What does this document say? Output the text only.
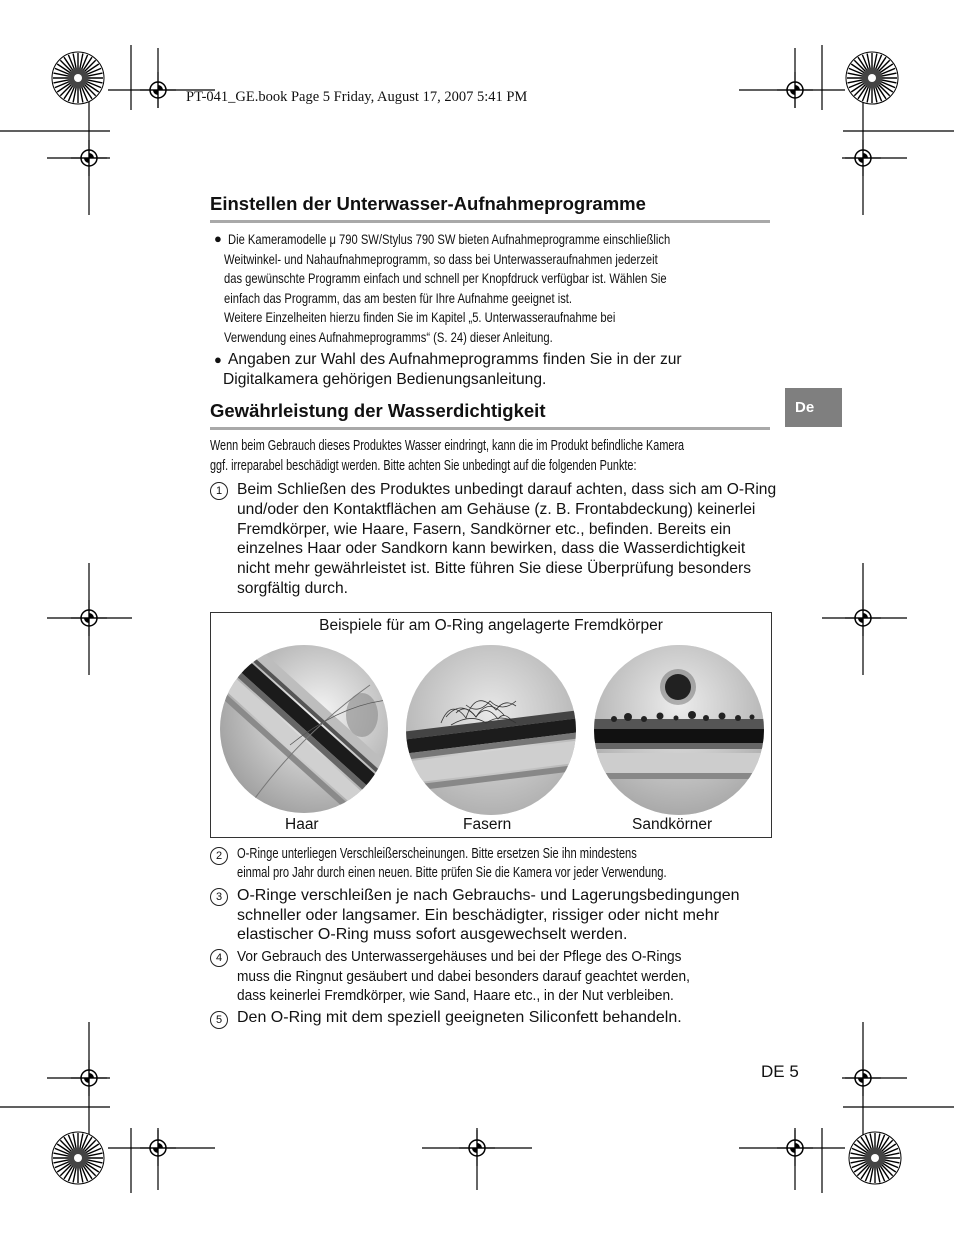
PT-041_GE.book Page 5 Friday, August 17, 2007 5:41 PM
De
Einstellen der Unterwasser-Aufnahmeprogramme
● Die Kameramodelle μ 790 SW/Stylus 790 SW bieten Aufnahmeprogramme einschließlich
Weitwinkel- und Nahaufnahmeprogramm, so dass bei Unterwasseraufnahmen jederzeit
das gewünschte Programm einfach und schnell per Knopfdruck verfügbar ist. Wählen Sie
einfach das Programm, das am besten für Ihre Aufnahme geeignet ist.
Weitere Einzelheiten hierzu finden Sie im Kapitel „5. Unterwasseraufnahme bei
Verwendung eines Aufnahmeprogramms“ (S. 24) dieser Anleitung.
● Angaben zur Wahl des Aufnahmeprogramms finden Sie in der zur
Digitalkamera gehörigen Bedienungsanleitung.
Gewährleistung der Wasserdichtigkeit
Wenn beim Gebrauch dieses Produktes Wasser eindringt, kann die im Produkt befindliche Kamera
ggf. irreparabel beschädigt werden. Bitte achten Sie unbedingt auf die folgenden Punkte:
1 Beim Schließen des Produktes unbedingt darauf achten, dass sich am O-Ring
und/oder den Kontaktflächen am Gehäuse (z. B. Frontabdeckung) keinerlei
Fremdkörper, wie Haare, Fasern, Sandkörner etc., befinden. Bereits ein
einzelnes Haar oder Sandkorn kann bewirken, dass die Wasserdichtigkeit
nicht mehr gewährleistet ist. Bitte führen Sie diese Überprüfung besonders
sorgfältig durch.
Beispiele für am O-Ring angelagerte Fremdkörper
Haar	Fasern	Sandkörner
2	O-Ringe unterliegen Verschleißerscheinungen. Bitte ersetzen Sie ihn mindestens
einmal pro Jahr durch einen neuen. Bitte prüfen Sie die Kamera vor jeder Verwendung.
3 O-Ringe verschleißen je nach Gebrauchs- und Lagerungsbedingungen
schneller oder langsamer. Ein beschädigter, rissiger oder nicht mehr
elastischer O-Ring muss sofort ausgewechselt werden.
4 Vor Gebrauch des Unterwassergehäuses und bei der Pflege des O-Rings
muss die Ringnut gesäubert und dabei besonders darauf geachtet werden,
dass keinerlei Fremdkörper, wie Sand, Haare etc., in der Nut verbleiben.
5 Den O-Ring mit dem speziell geeigneten Siliconfett behandeln.
DE 5
